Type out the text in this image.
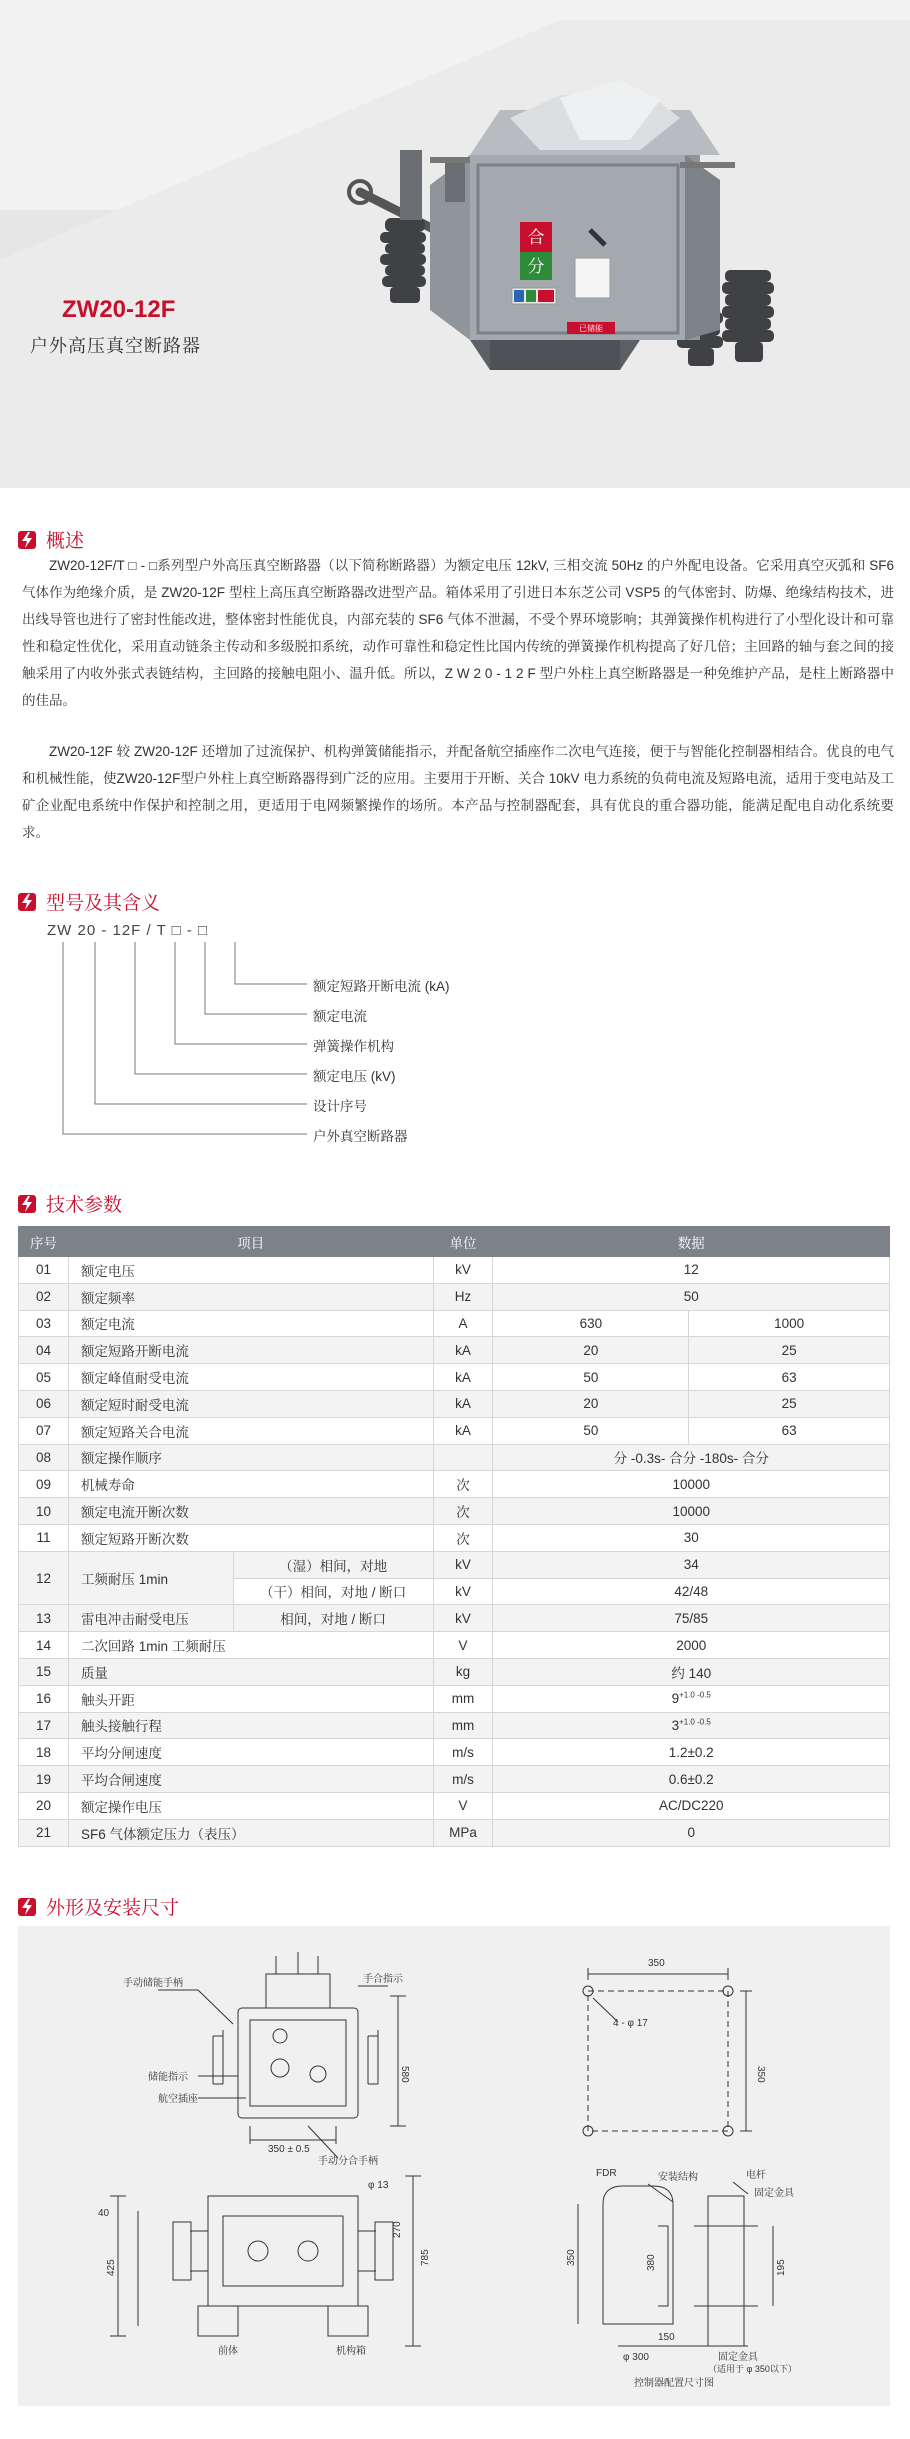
合
分
已储能
ZW20-12F
户外高压真空断路器
概述
ZW20-12F/T □ - □系列型户外高压真空断路器（以下简称断路器）为额定电压 12kV, 三相交流 50Hz 的户外配电设备。它采用真空灭弧和 SF6 气体作为绝缘介质，是 ZW20-12F 型柱上高压真空断路器改进型产品。箱体采用了引进日本东芝公司 VSP5 的气体密封、防爆、绝缘结构技术，进出线导管也进行了密封性能改进，整体密封性能优良，内部充装的 SF6 气体不泄漏，不受个界环境影响；其弹簧操作机构进行了小型化设计和可靠性和稳定性优化，采用直动链条主传动和多级脱扣系统，动作可靠性和稳定性比国内传统的弹簧操作机构提高了好几倍；主回路的轴与套之间的接触采用了内收外张式表链结构，主回路的接触电阻小、温升低。所以，Z W 2 0 - 1 2 F 型户外柱上真空断路器是一种免维护产品，是柱上断路器中的佳品。
ZW20-12F 较 ZW20-12F 还增加了过流保护、机构弹簧储能指示，并配备航空插座作二次电气连接，便于与智能化控制器相结合。优良的电气和机械性能，使ZW20-12F型户外柱上真空断路器得到广泛的应用。主要用于开断、关合 10kV 电力系统的负荷电流及短路电流，适用于变电站及工矿企业配电系统中作保护和控制之用，更适用于电网频繁操作的场所。本产品与控制器配套，具有优良的重合器功能，能满足配电自动化系统要求。
型号及其含义
ZW 20 - 12F / T □ - □
额定短路开断电流 (kA)
额定电流
弹簧操作机构
额定电压 (kV)
设计序号
户外真空断路器
技术参数
序号	项目		单位	数据	
01	额定电压		kV	12	
02	额定频率		Hz	50	
03	额定电流		A	630	1000
04	额定短路开断电流		kA	20	25
05	额定峰值耐受电流		kA	50	63
06	额定短时耐受电流		kA	20	25
07	额定短路关合电流		kA	50	63
08	额定操作顺序			分 -0.3s- 合分 -180s- 合分	
09	机械寿命		次	10000	
10	额定电流开断次数		次	10000	
11	额定短路开断次数		次	30	
12	工频耐压 1min	（湿）相间，对地	kV	34	
		（干）相间，对地 / 断口	kV	42/48	
13	雷电冲击耐受电压	相间，对地 / 断口	kV	75/85	
14	二次回路 1min 工频耐压		V	2000	
15	质量		kg	约 140	
16	触头开距		mm	$9^{+1.0 -0.5}$
17	触头接触行程		mm	$3^{+1.0 -0.5}$
18	平均分闸速度		m/s	1.2±0.2	
19	平均合闸速度		m/s	0.6±0.2	
20	额定操作电压		V	AC/DC220	
21	SF6 气体额定压力（表压）		MPa	0	
外形及安装尺寸
手动储能手柄	手合指示
储能指示
航空插座
手动分合手柄
350 ± 0.5
580
40
425
785
270
φ 13
前体	机构箱
350
350
4 - φ 17
FDR	安装结构	电杆
固定金具
350
150
φ 300
380	195
固定金具
（适用于 φ 350以下）
控制器配置尺寸图
